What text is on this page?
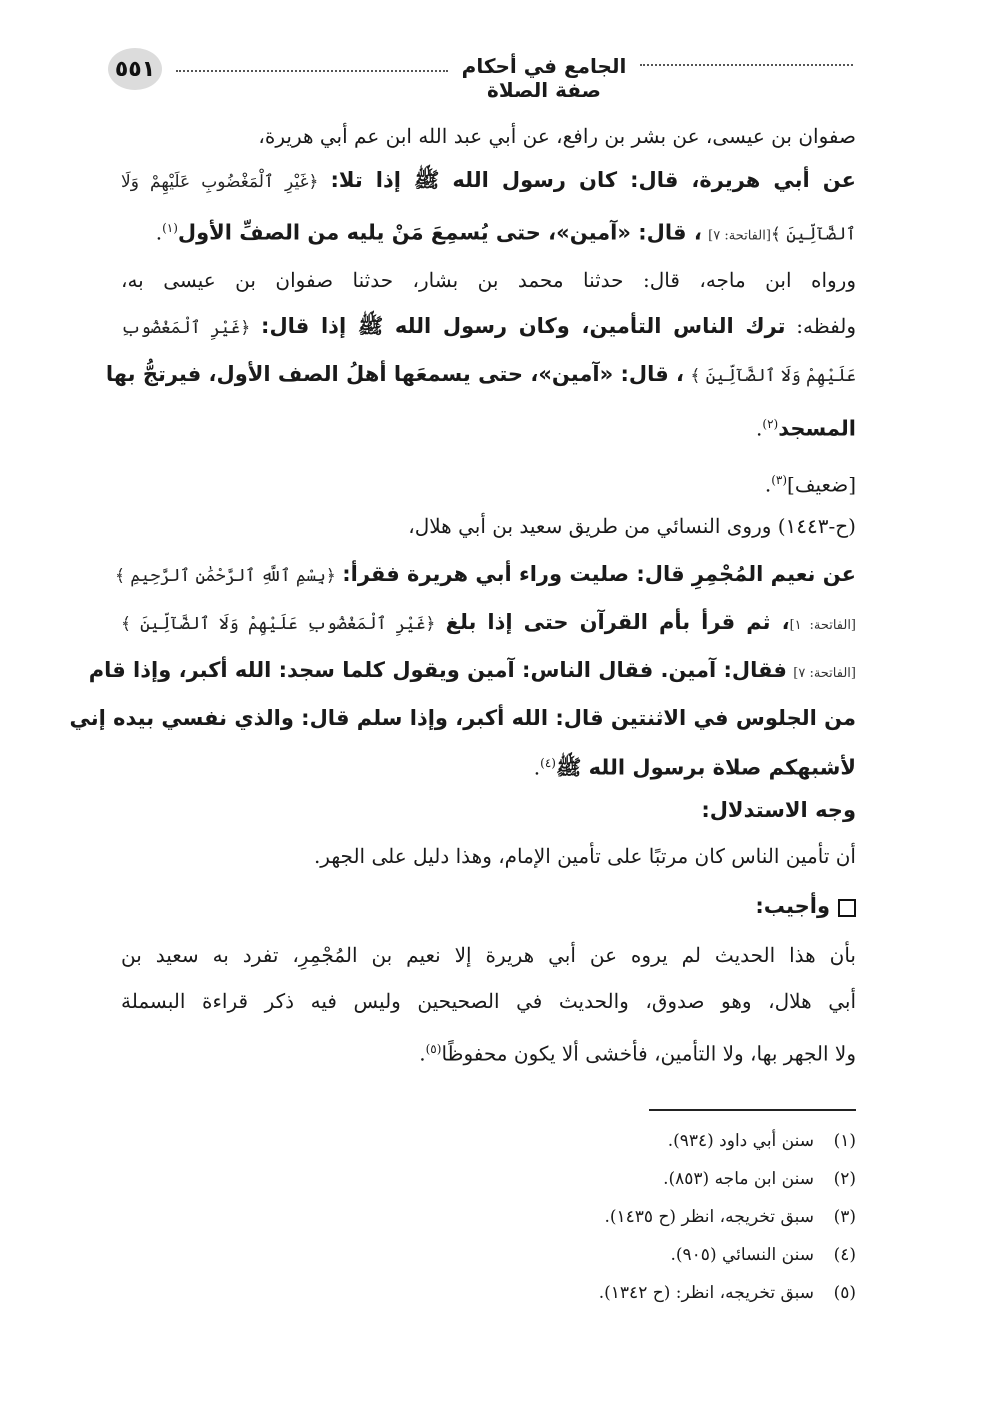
٥٥١	الجامع في أحكام صفة الصلاة
صفوان بن عيسى، عن بشر بن رافع، عن أبي عبد الله ابن عم أبي هريرة،
عن أبي هريرة، قال: كان رسول الله ﷺ إذا تلا: ﴿غَيْرِ ٱلْمَغْضُوبِ عَلَيْهِمْ وَلَا
ٱلضَّآلِّينَ ﴾[الفاتحة: ٧] ، قال: «آمين»، حتى يُسمِعَ مَنْ يليه من الصفِّ الأول$^{(١)}$.
ورواه ابن ماجه، قال: حدثنا محمد بن بشار، حدثنا صفوان بن عيسى به،
ولفظه: ترك الناس التأمين، وكان رسول الله ﷺ إذا قال: ﴿غَيْرِ ٱلْمَغْضُوبِ
عَلَيْهِمْ وَلَا ٱلضَّآلِّينَ ﴾ ، قال: «آمين»، حتى يسمعَها أهلُ الصف الأول، فيرتجُّ بها
المسجد$^{(٢)}$.
[ضعيف]$^{(٣)}$.
(ح-١٤٤٣) وروى النسائي من طريق سعيد بن أبي هلال،
عن نعيم المُجْمِرِ قال: صليت وراء أبي هريرة فقرأ: ﴿بِسْمِ ٱللَّهِ ٱلرَّحْمَٰنِ ٱلرَّحِيمِ ﴾
[الفاتحة: ١]، ثم قرأ بأم القرآن حتى إذا بلغ ﴿غَيْرِ ٱلْمَغْضُوبِ عَلَيْهِمْ وَلَا ٱلضَّآلِّينَ ﴾
[الفاتحة: ٧] فقال: آمين. فقال الناس: آمين ويقول كلما سجد: الله أكبر، وإذا قام
من الجلوس في الاثنتين قال: الله أكبر، وإذا سلم قال: والذي نفسي بيده إني
لأشبهكم صلاة برسول الله ﷺ$^{(٤)}$.
وجه الاستدلال:
أن تأمين الناس كان مرتبًا على تأمين الإمام، وهذا دليل على الجهر.
وأجيب:
بأن هذا الحديث لم يروه عن أبي هريرة إلا نعيم بن المُجْمِرِ، تفرد به سعيد بن
أبي هلال، وهو صدوق، والحديث في الصحيحين وليس فيه ذكر قراءة البسملة
ولا الجهر بها، ولا التأمين، فأخشى ألا يكون محفوظًا$^{(٥)}$.
(١)سنن أبي داود (٩٣٤).
(٢)سنن ابن ماجه (٨٥٣).
(٣)سبق تخريجه، انظر (ح ١٤٣٥).
(٤)سنن النسائي (٩٠٥).
(٥)سبق تخريجه، انظر: (ح ١٣٤٢).
